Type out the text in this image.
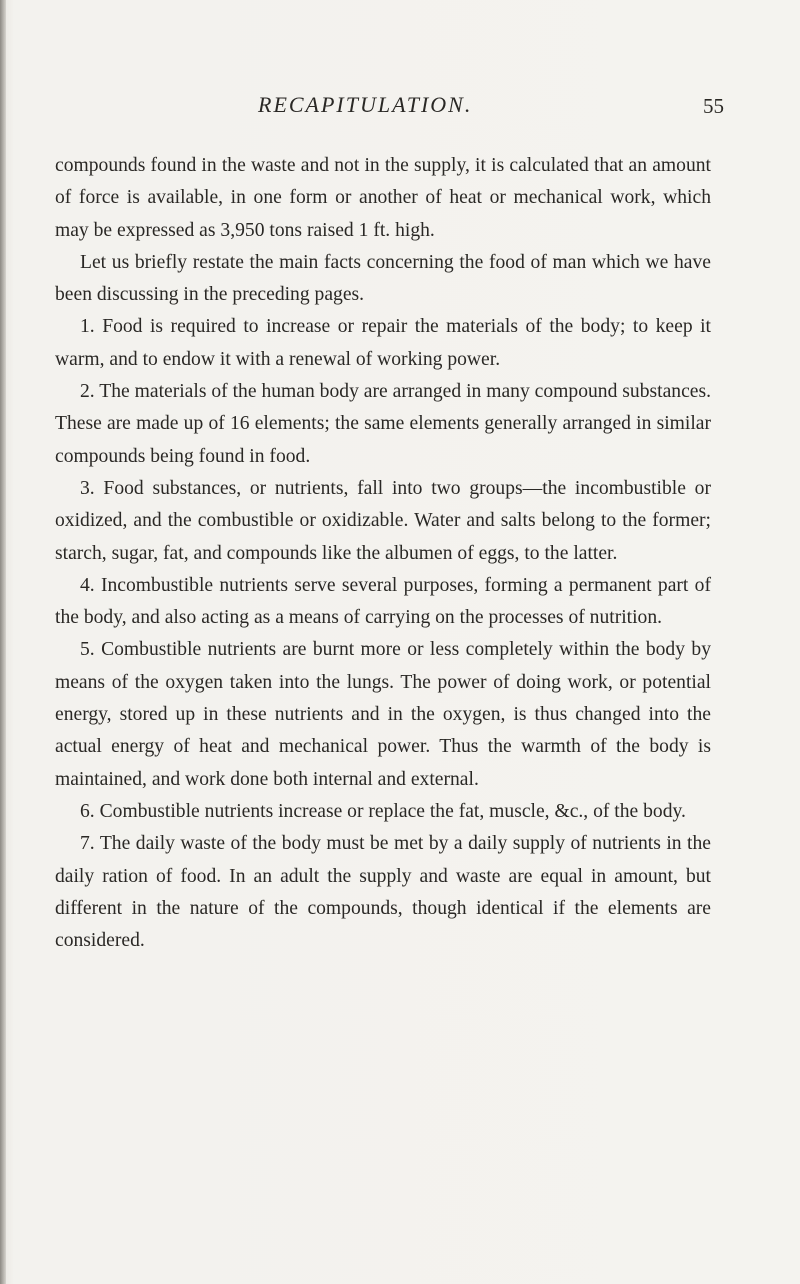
RECAPITULATION.	55

compounds found in the waste and not in the supply, it is calculated that an amount of force is available, in one form or another of heat or mechanical work, which may be expressed as 3,950 tons raised 1 ft. high.

Let us briefly restate the main facts concerning the food of man which we have been discussing in the preceding pages.

1. Food is required to increase or repair the materials of the body; to keep it warm, and to endow it with a renewal of working power.

2. The materials of the human body are arranged in many compound substances. These are made up of 16 elements; the same elements generally arranged in similar compounds being found in food.

3. Food substances, or nutrients, fall into two groups—the incombustible or oxidized, and the combustible or oxidizable. Water and salts belong to the former; starch, sugar, fat, and compounds like the albumen of eggs, to the latter.

4. Incombustible nutrients serve several purposes, forming a permanent part of the body, and also acting as a means of carrying on the processes of nutrition.

5. Combustible nutrients are burnt more or less completely within the body by means of the oxygen taken into the lungs. The power of doing work, or potential energy, stored up in these nutrients and in the oxygen, is thus changed into the actual energy of heat and mechanical power. Thus the warmth of the body is maintained, and work done both internal and external.

6. Combustible nutrients increase or replace the fat, muscle, &c., of the body.

7. The daily waste of the body must be met by a daily supply of nutrients in the daily ration of food. In an adult the supply and waste are equal in amount, but different in the nature of the compounds, though identical if the elements are considered.
